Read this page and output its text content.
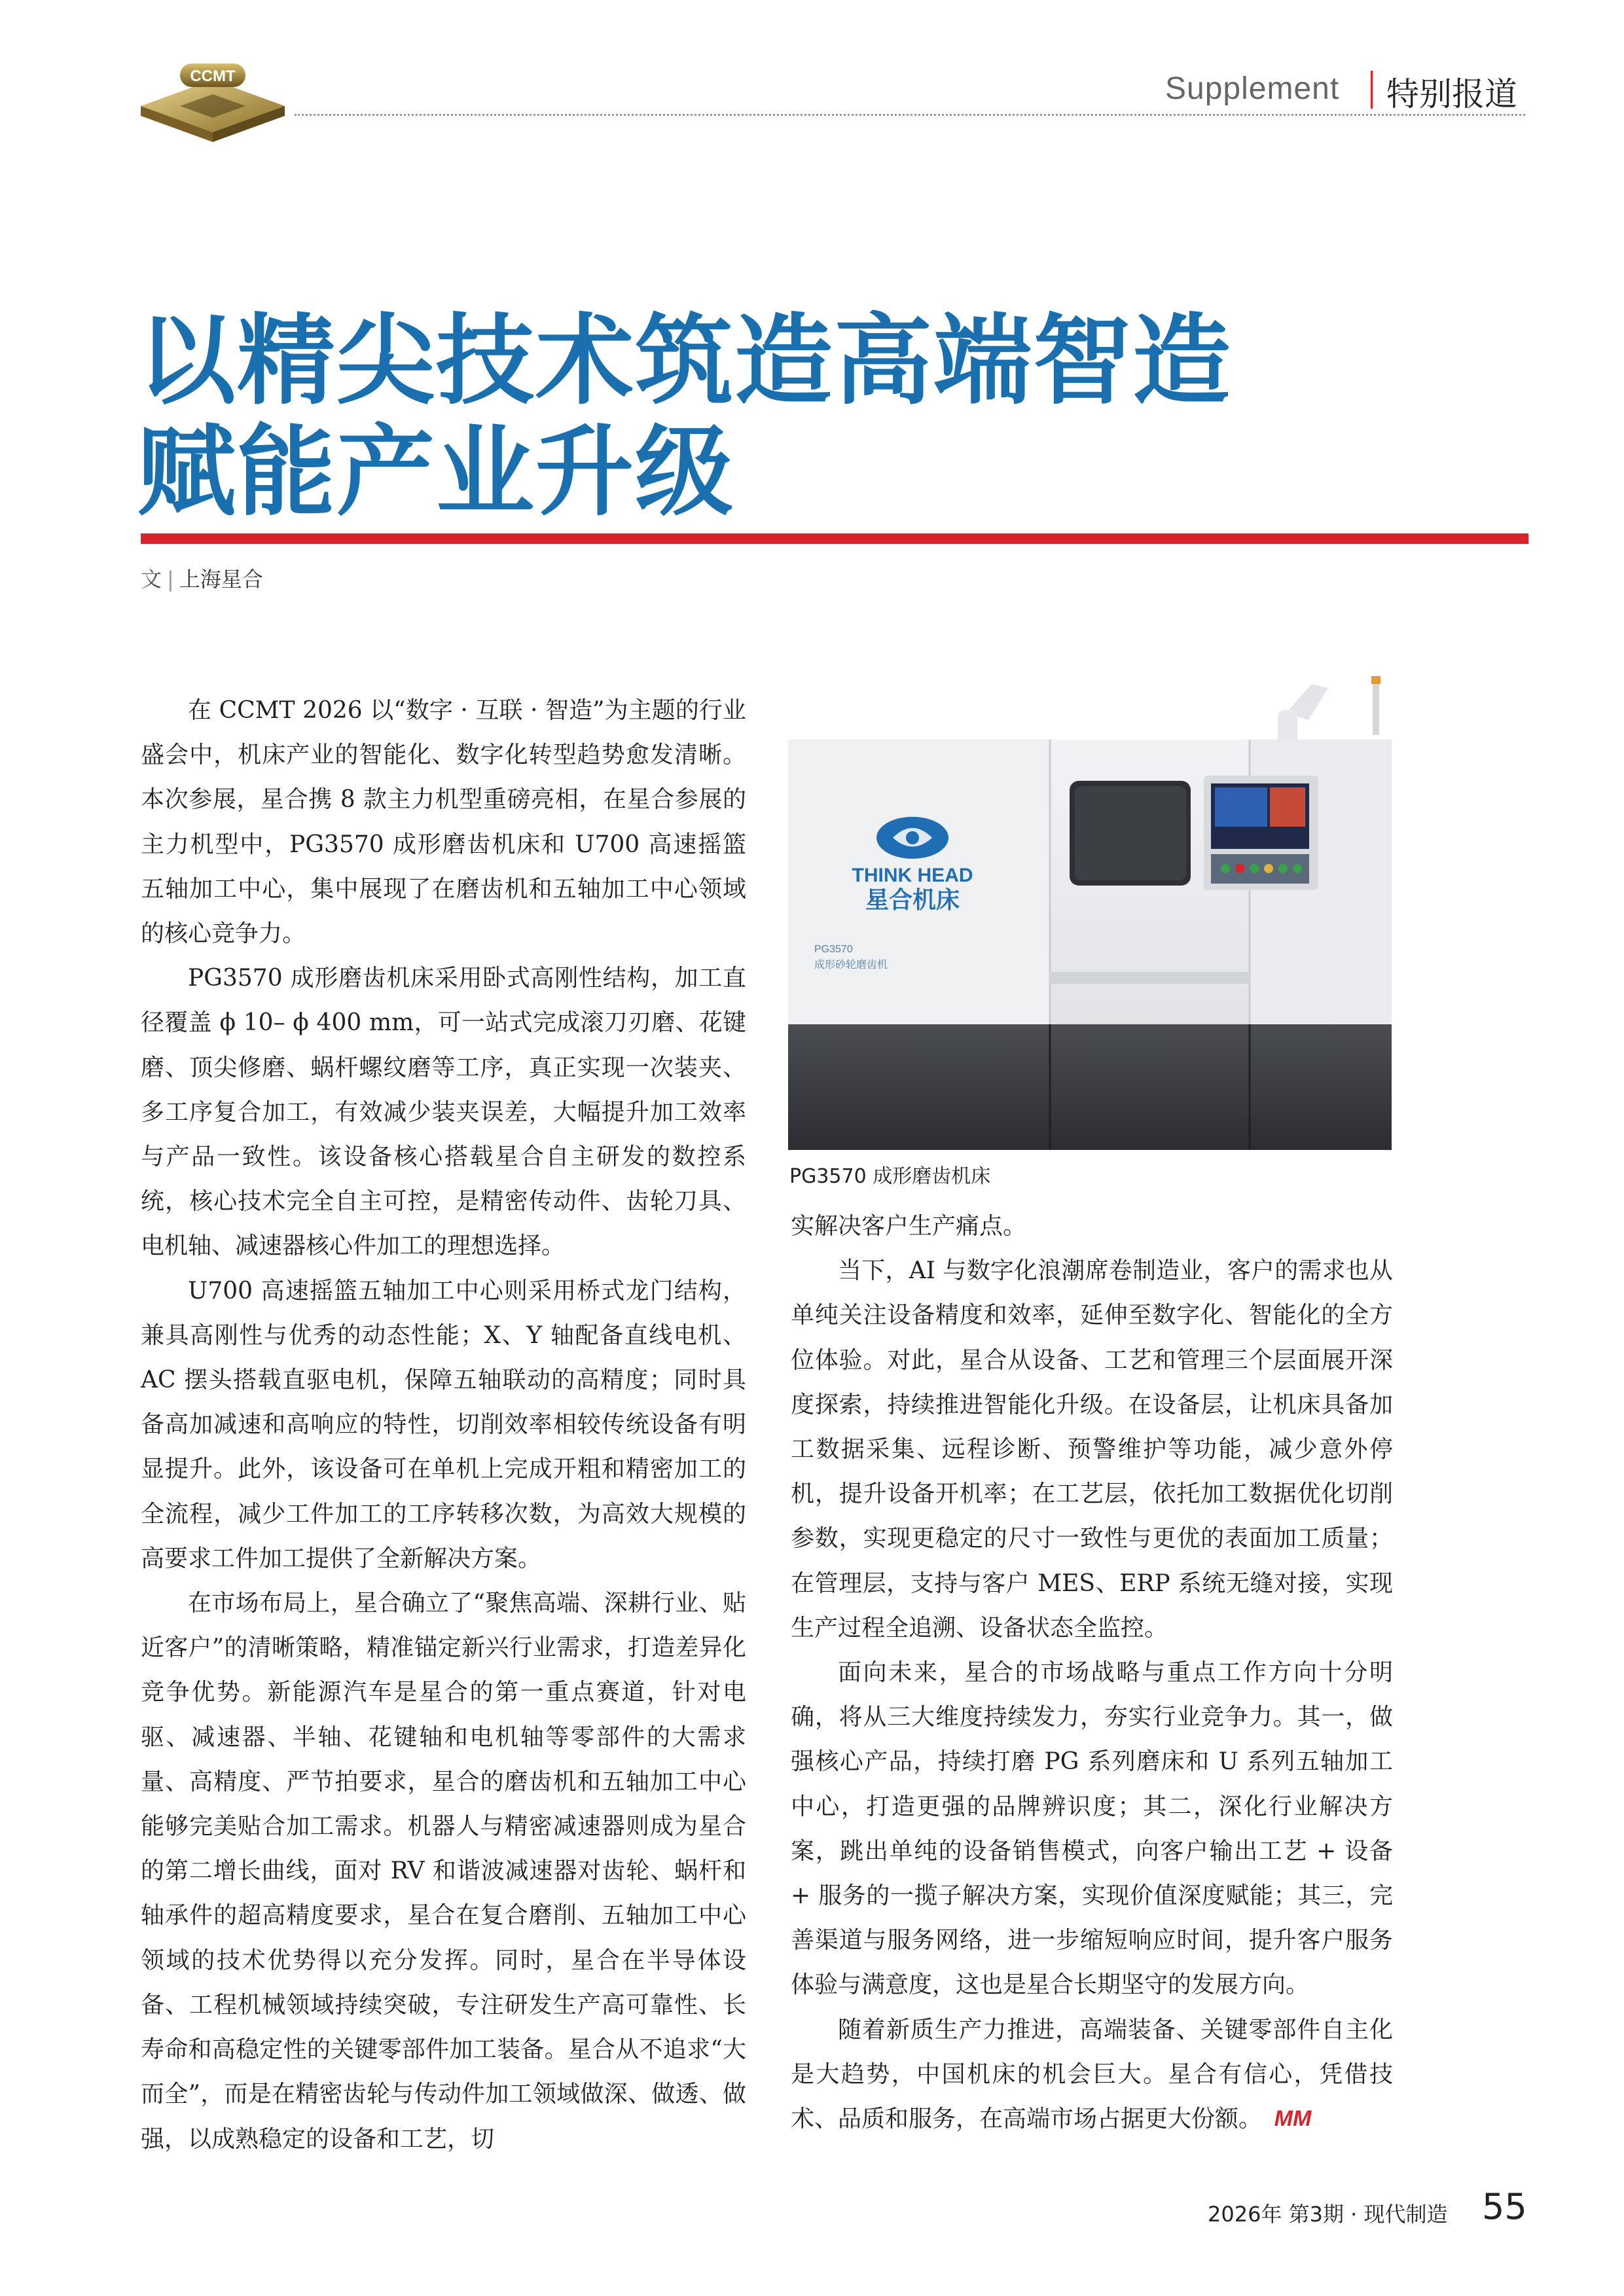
CCMT	Supplement 特别报道
以精尖技术筑造高端智造
赋能产业升级
文 | 上海星合

在 CCMT 2026 以“数字 · 互联 · 智造”为主题的行业盛会中，机床产业的智能化、数字化转型趋势愈发清晰。本次参展，星合携 8 款主力机型重磅亮相，在星合参展的主力机型中，PG3570 成形磨齿机床和 U700 高速摇篮五轴加工中心，集中展现了在磨齿机和五轴加工中心领域的核心竞争力。

PG3570 成形磨齿机床采用卧式高刚性结构，加工直径覆盖 ϕ 10– ϕ 400 mm，可一站式完成滚刀刃磨、花键磨、顶尖修磨、蜗杆螺纹磨等工序，真正实现一次装夹、多工序复合加工，有效减少装夹误差，大幅提升加工效率与产品一致性。该设备核心搭载星合自主研发的数控系统，核心技术完全自主可控，是精密传动件、齿轮刀具、电机轴、减速器核心件加工的理想选择。

U700 高速摇篮五轴加工中心则采用桥式龙门结构，兼具高刚性与优秀的动态性能；X、Y 轴配备直线电机、AC 摆头搭载直驱电机，保障五轴联动的高精度；同时具备高加减速和高响应的特性，切削效率相较传统设备有明显提升。此外，该设备可在单机上完成开粗和精密加工的全流程，减少工件加工的工序转移次数，为高效大规模的高要求工件加工提供了全新解决方案。

在市场布局上，星合确立了“聚焦高端、深耕行业、贴近客户”的清晰策略，精准锚定新兴行业需求，打造差异化竞争优势。新能源汽车是星合的第一重点赛道，针对电驱、减速器、半轴、花键轴和电机轴等零部件的大需求量、高精度、严节拍要求，星合的磨齿机和五轴加工中心能够完美贴合加工需求。机器人与精密减速器则成为星合的第二增长曲线，面对 RV 和谐波减速器对齿轮、蜗杆和轴承件的超高精度要求，星合在复合磨削、五轴加工中心领域的技术优势得以充分发挥。同时，星合在半导体设备、工程机械领域持续突破，专注研发生产高可靠性、长寿命和高稳定性的关键零部件加工装备。星合从不追求“大而全”，而是在精密齿轮与传动件加工领域做深、做透、做强，以成熟稳定的设备和工艺，切

THINK HEAD
星合机床
PG3570
成形砂轮磨齿机
PG3570 成形磨齿机床

实解决客户生产痛点。

当下，AI 与数字化浪潮席卷制造业，客户的需求也从单纯关注设备精度和效率，延伸至数字化、智能化的全方位体验。对此，星合从设备、工艺和管理三个层面展开深度探索，持续推进智能化升级。在设备层，让机床具备加工数据采集、远程诊断、预警维护等功能，减少意外停机，提升设备开机率；在工艺层，依托加工数据优化切削参数，实现更稳定的尺寸一致性与更优的表面加工质量；在管理层，支持与客户 MES、ERP 系统无缝对接，实现生产过程全追溯、设备状态全监控。

面向未来，星合的市场战略与重点工作方向十分明确，将从三大维度持续发力，夯实行业竞争力。其一，做强核心产品，持续打磨 PG 系列磨床和 U 系列五轴加工中心，打造更强的品牌辨识度；其二，深化行业解决方案，跳出单纯的设备销售模式，向客户输出工艺 + 设备 + 服务的一揽子解决方案，实现价值深度赋能；其三，完善渠道与服务网络，进一步缩短响应时间，提升客户服务体验与满意度，这也是星合长期坚守的发展方向。

随着新质生产力推进，高端装备、关键零部件自主化是大趋势，中国机床的机会巨大。星合有信心，凭借技术、品质和服务，在高端市场占据更大份额。 MM

2026年 第3期 · 现代制造 55
